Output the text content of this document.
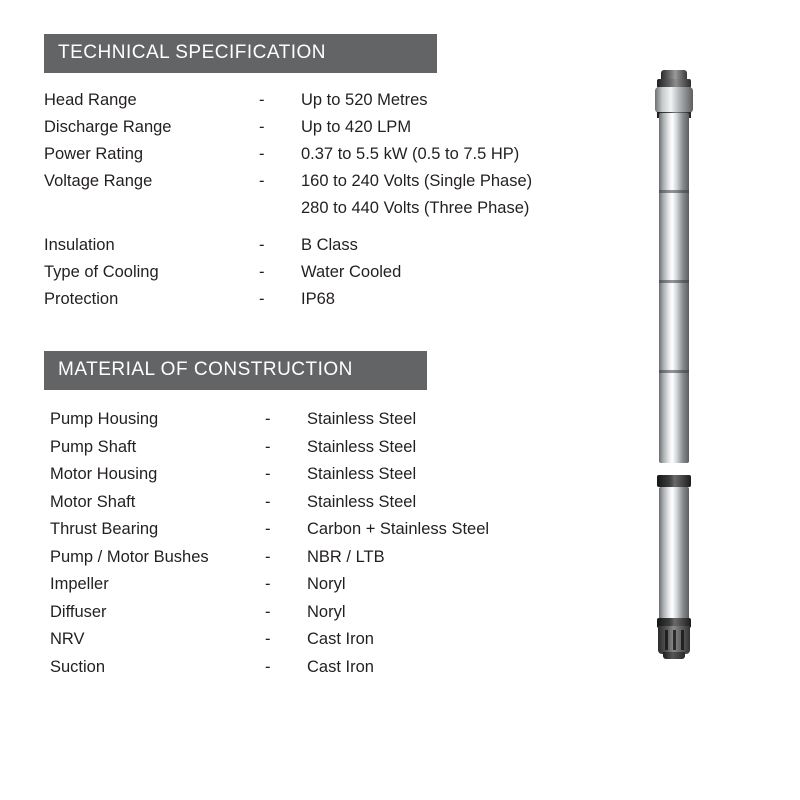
TECHNICAL SPECIFICATION
Head Range	-	Up to 520 Metres
Discharge Range	-	Up to 420 LPM
Power Rating	-	0.37 to 5.5 kW (0.5 to 7.5 HP)
Voltage Range	-	160 to 240 Volts (Single Phase)
280 to 440 Volts (Three Phase)

Insulation	-	B Class
Type of Cooling	-	Water Cooled
Protection	-	IP68
MATERIAL OF CONSTRUCTION
Pump Housing	-	Stainless Steel
Pump Shaft	-	Stainless Steel
Motor Housing	-	Stainless Steel
Motor Shaft	-	Stainless Steel
Thrust Bearing	-	Carbon + Stainless Steel
Pump / Motor Bushes	-	NBR / LTB
Impeller	-	Noryl
Diffuser	-	Noryl
NRV	-	Cast Iron
Suction	-	Cast Iron
